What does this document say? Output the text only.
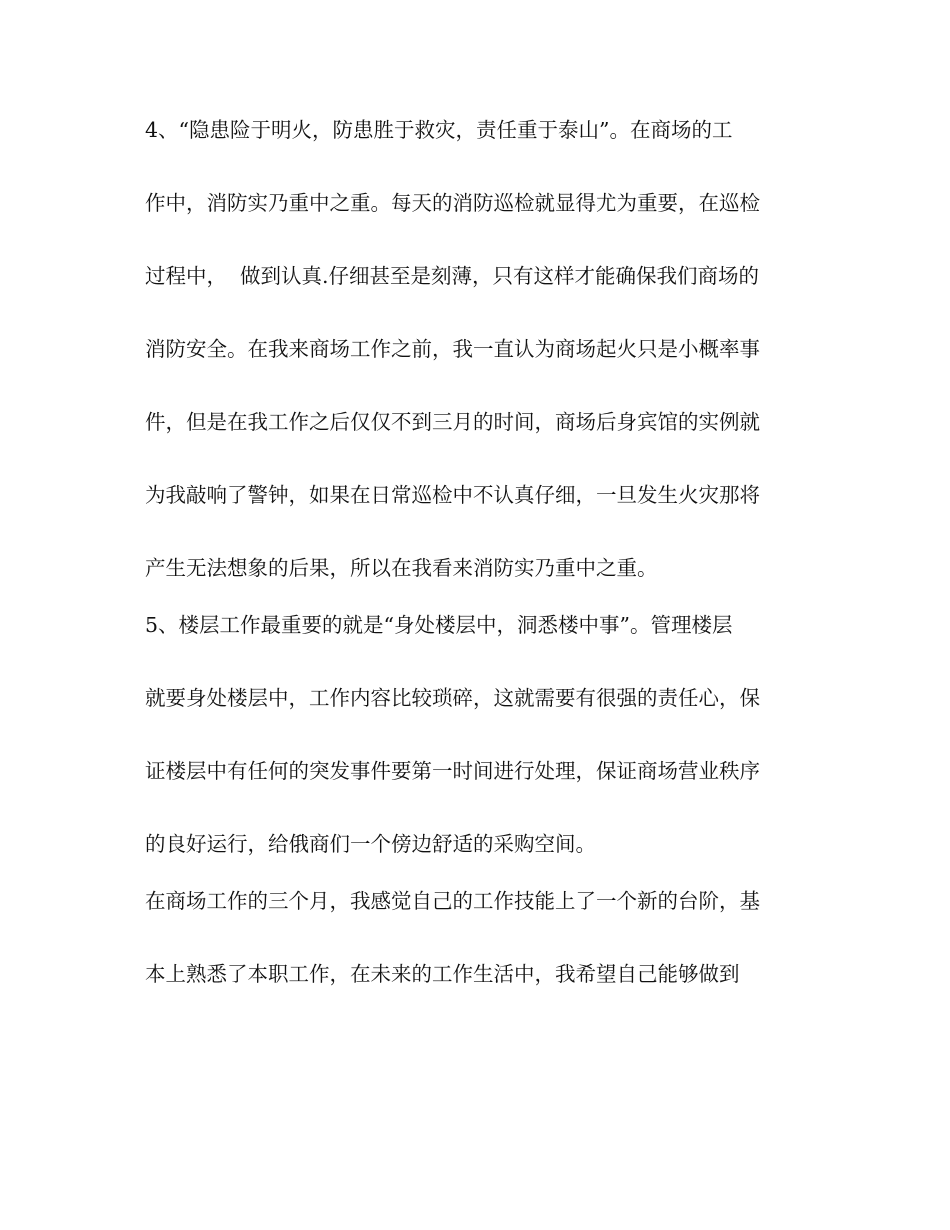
4、“隐患险于明火，防患胜于救灾，责任重于泰山”。在商场的工

作中，消防实乃重中之重。每天的消防巡检就显得尤为重要，在巡检

过程中，  做到认真.仔细甚至是刻薄，只有这样才能确保我们商场的

消防安全。在我来商场工作之前，我一直认为商场起火只是小概率事

件，但是在我工作之后仅仅不到三月的时间，商场后身宾馆的实例就

为我敲响了警钟，如果在日常巡检中不认真仔细，一旦发生火灾那将

产生无法想象的后果，所以在我看来消防实乃重中之重。

5、楼层工作最重要的就是“身处楼层中，洞悉楼中事”。管理楼层

就要身处楼层中，工作内容比较琐碎，这就需要有很强的责任心，保

证楼层中有任何的突发事件要第一时间进行处理，保证商场营业秩序

的良好运行，给俄商们一个傍边舒适的采购空间。

在商场工作的三个月，我感觉自己的工作技能上了一个新的台阶，基

本上熟悉了本职工作，在未来的工作生活中，我希望自己能够做到
